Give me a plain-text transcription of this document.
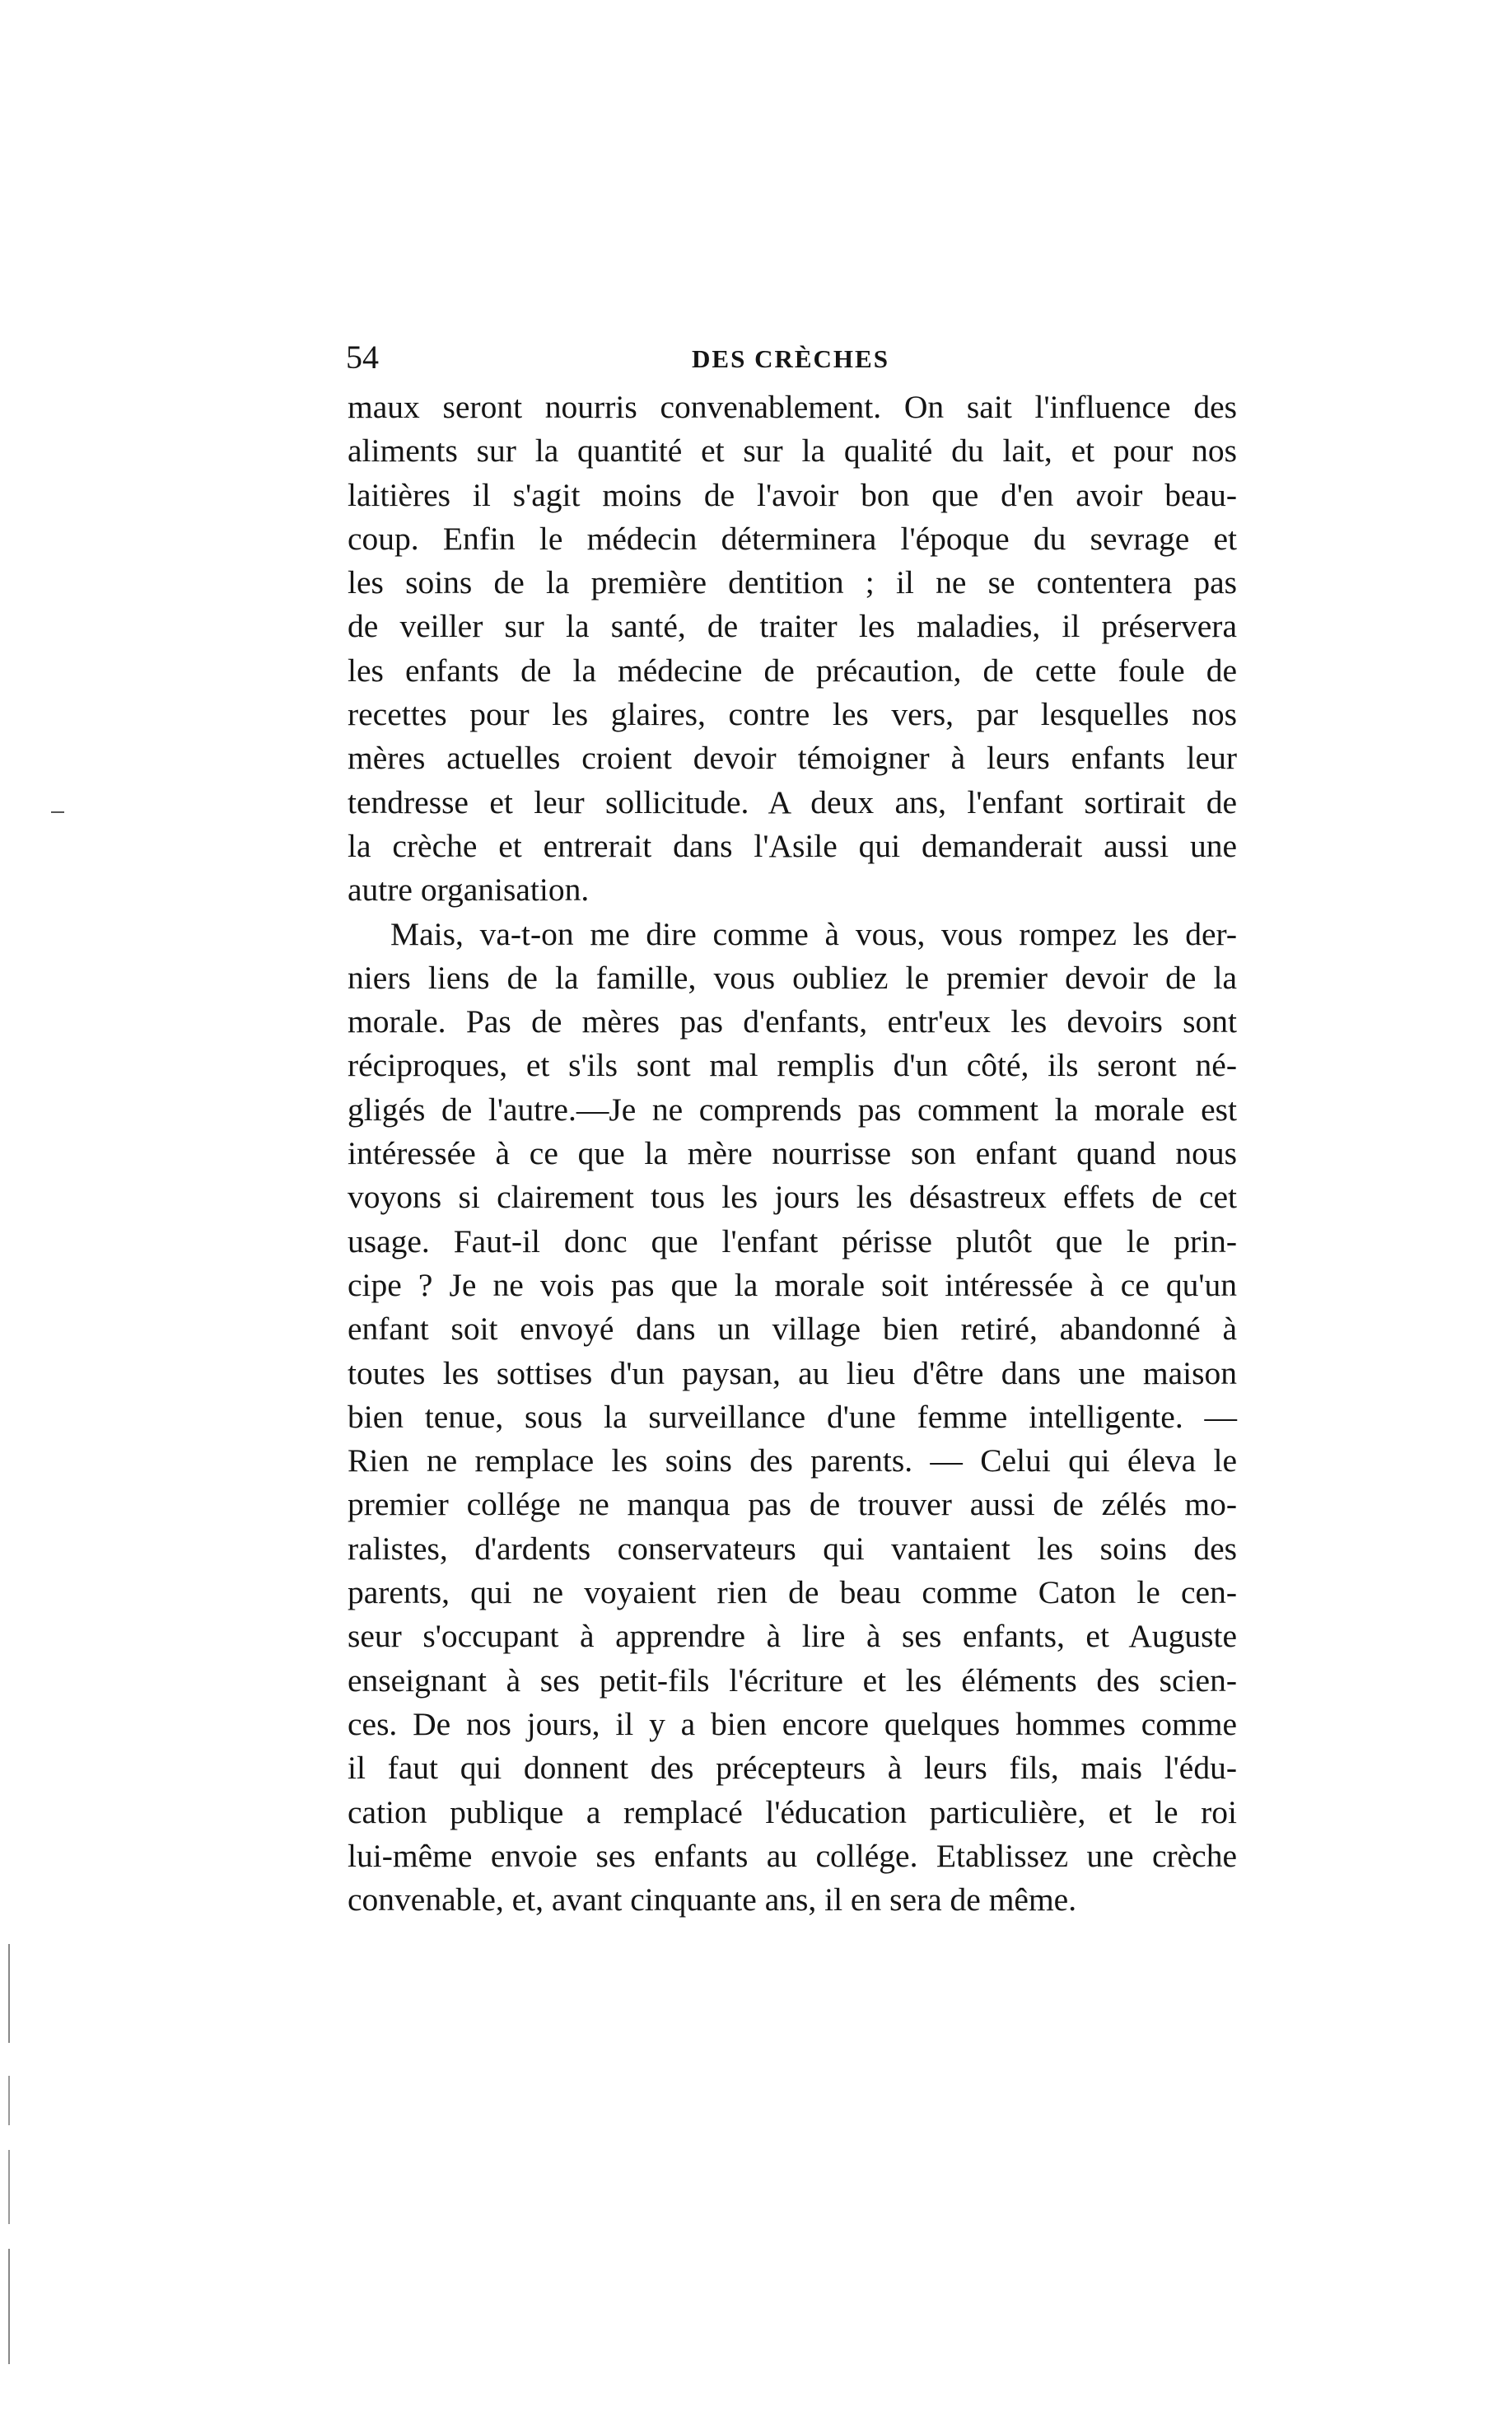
54	DES CRÈCHES
maux seront nourris convenablement. On sait l'influence des
aliments sur la quantité et sur la qualité du lait, et pour nos
laitières il s'agit moins de l'avoir bon que d'en avoir beau-
coup. Enfin le médecin déterminera l'époque du sevrage et
les soins de la première dentition ; il ne se contentera pas
de veiller sur la santé, de traiter les maladies, il préservera
les enfants de la médecine de précaution, de cette foule de
recettes pour les glaires, contre les vers, par lesquelles nos
mères actuelles croient devoir témoigner à leurs enfants leur
tendresse et leur sollicitude. A deux ans, l'enfant sortirait de
la crèche et entrerait dans l'Asile qui demanderait aussi une
autre organisation.
Mais, va-t-on me dire comme à vous, vous rompez les der-
niers liens de la famille, vous oubliez le premier devoir de la
morale. Pas de mères pas d'enfants, entr'eux les devoirs sont
réciproques, et s'ils sont mal remplis d'un côté, ils seront né-
gligés de l'autre.—Je ne comprends pas comment la morale est
intéressée à ce que la mère nourrisse son enfant quand nous
voyons si clairement tous les jours les désastreux effets de cet
usage. Faut-il donc que l'enfant périsse plutôt que le prin-
cipe ? Je ne vois pas que la morale soit intéressée à ce qu'un
enfant soit envoyé dans un village bien retiré, abandonné à
toutes les sottises d'un paysan, au lieu d'être dans une maison
bien tenue, sous la surveillance d'une femme intelligente. —
Rien ne remplace les soins des parents. — Celui qui éleva le
premier collége ne manqua pas de trouver aussi de zélés mo-
ralistes, d'ardents conservateurs qui vantaient les soins des
parents, qui ne voyaient rien de beau comme Caton le cen-
seur s'occupant à apprendre à lire à ses enfants, et Auguste
enseignant à ses petit-fils l'écriture et les éléments des scien-
ces. De nos jours, il y a bien encore quelques hommes comme
il faut qui donnent des précepteurs à leurs fils, mais l'édu-
cation publique a remplacé l'éducation particulière, et le roi
lui-même envoie ses enfants au collége. Etablissez une crèche
convenable, et, avant cinquante ans, il en sera de même.
